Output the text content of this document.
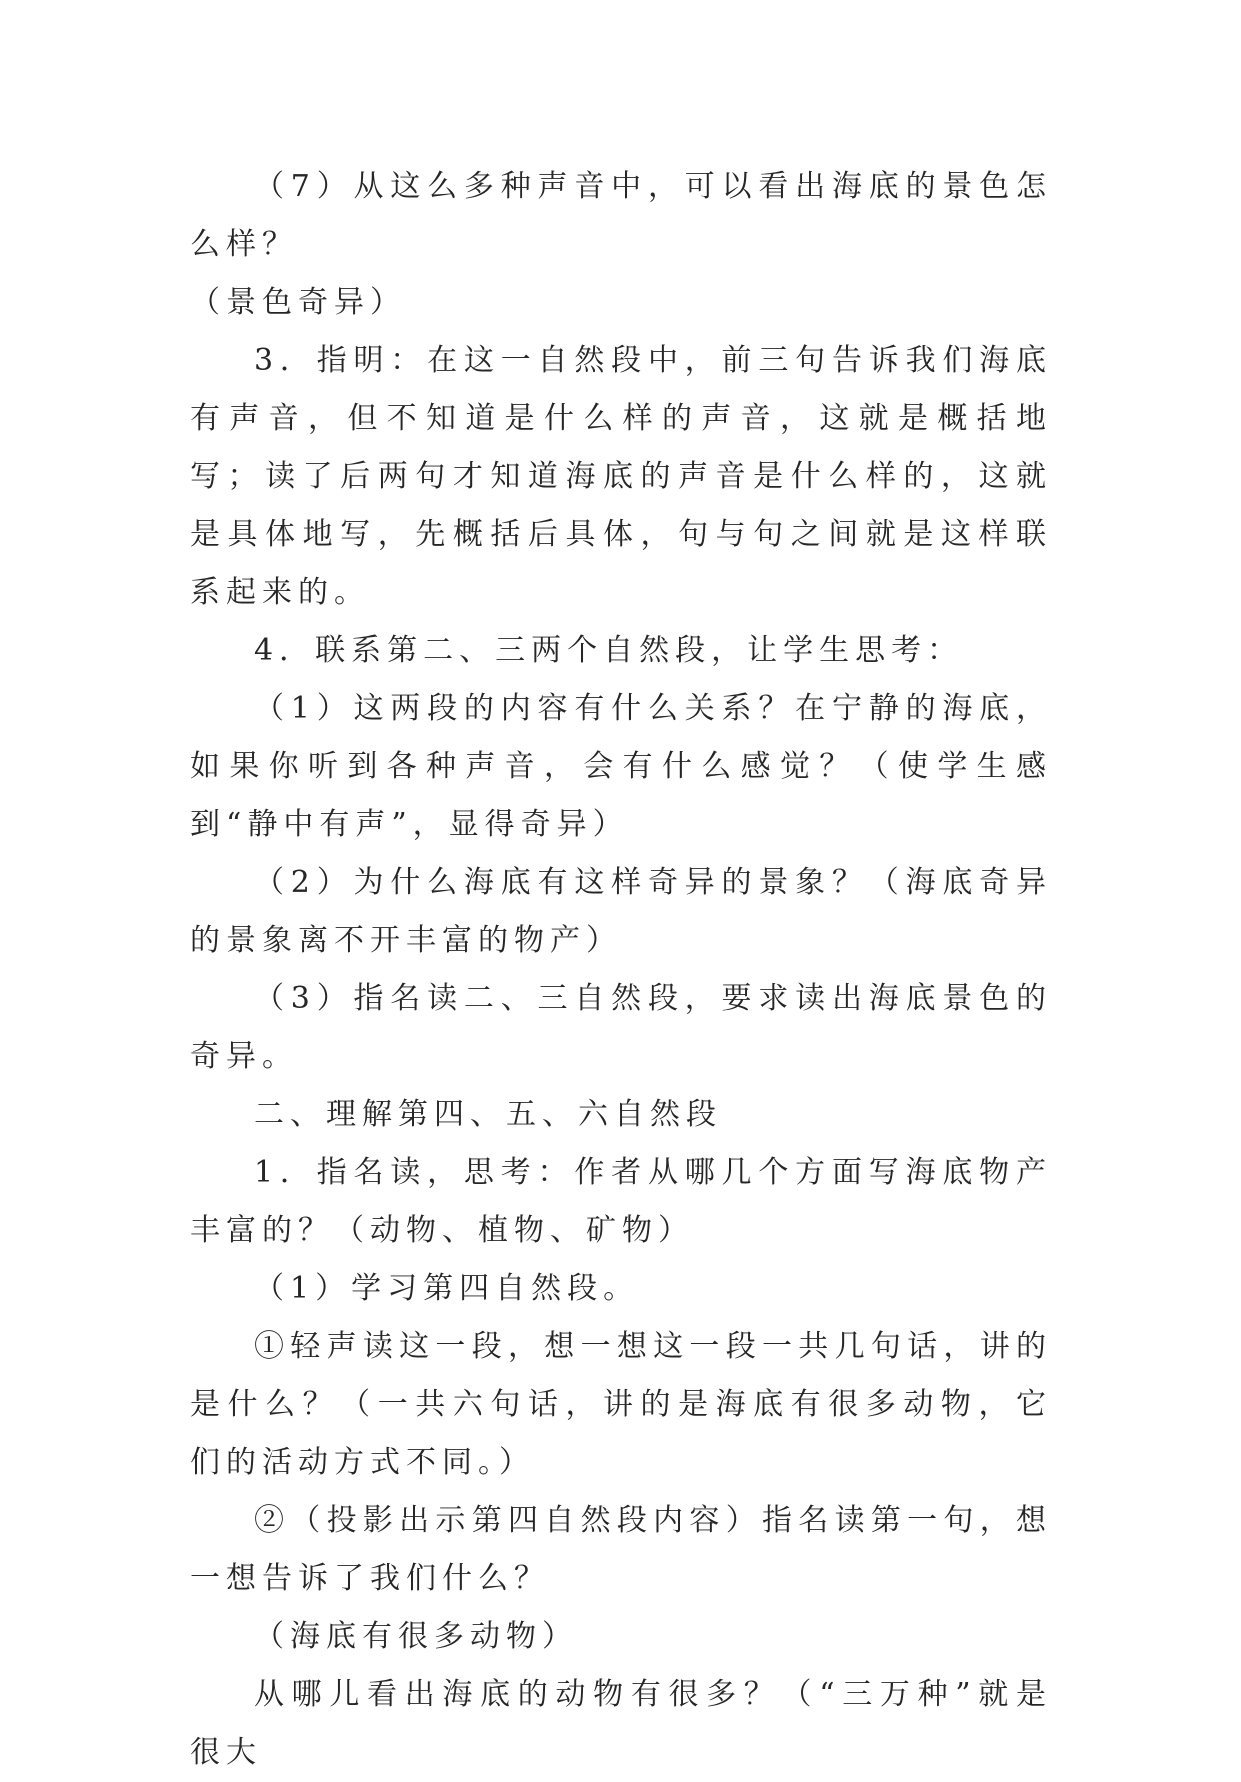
（7）从这么多种声音中，可以看出海底的景色怎么样？

（景色奇异）

3．指明：在这一自然段中，前三句告诉我们海底有声音，但不知道是什么样的声音，这就是概括地写；读了后两句才知道海底的声音是什么样的，这就是具体地写，先概括后具体，句与句之间就是这样联系起来的。

4．联系第二、三两个自然段，让学生思考：

（1）这两段的内容有什么关系？在宁静的海底，如果你听到各种声音，会有什么感觉？（使学生感到“静中有声”，显得奇异）

（2）为什么海底有这样奇异的景象？（海底奇异的景象离不开丰富的物产）

（3）指名读二、三自然段，要求读出海底景色的奇异。

二、理解第四、五、六自然段

1．指名读，思考：作者从哪几个方面写海底物产丰富的？（动物、植物、矿物）

（1）学习第四自然段。

①轻声读这一段，想一想这一段一共几句话，讲的是什么？（一共六句话，讲的是海底有很多动物，它们的活动方式不同。）

②（投影出示第四自然段内容）指名读第一句，想一想告诉了我们什么？

（海底有很多动物）

从哪儿看出海底的动物有很多？（“三万种”就是很大
